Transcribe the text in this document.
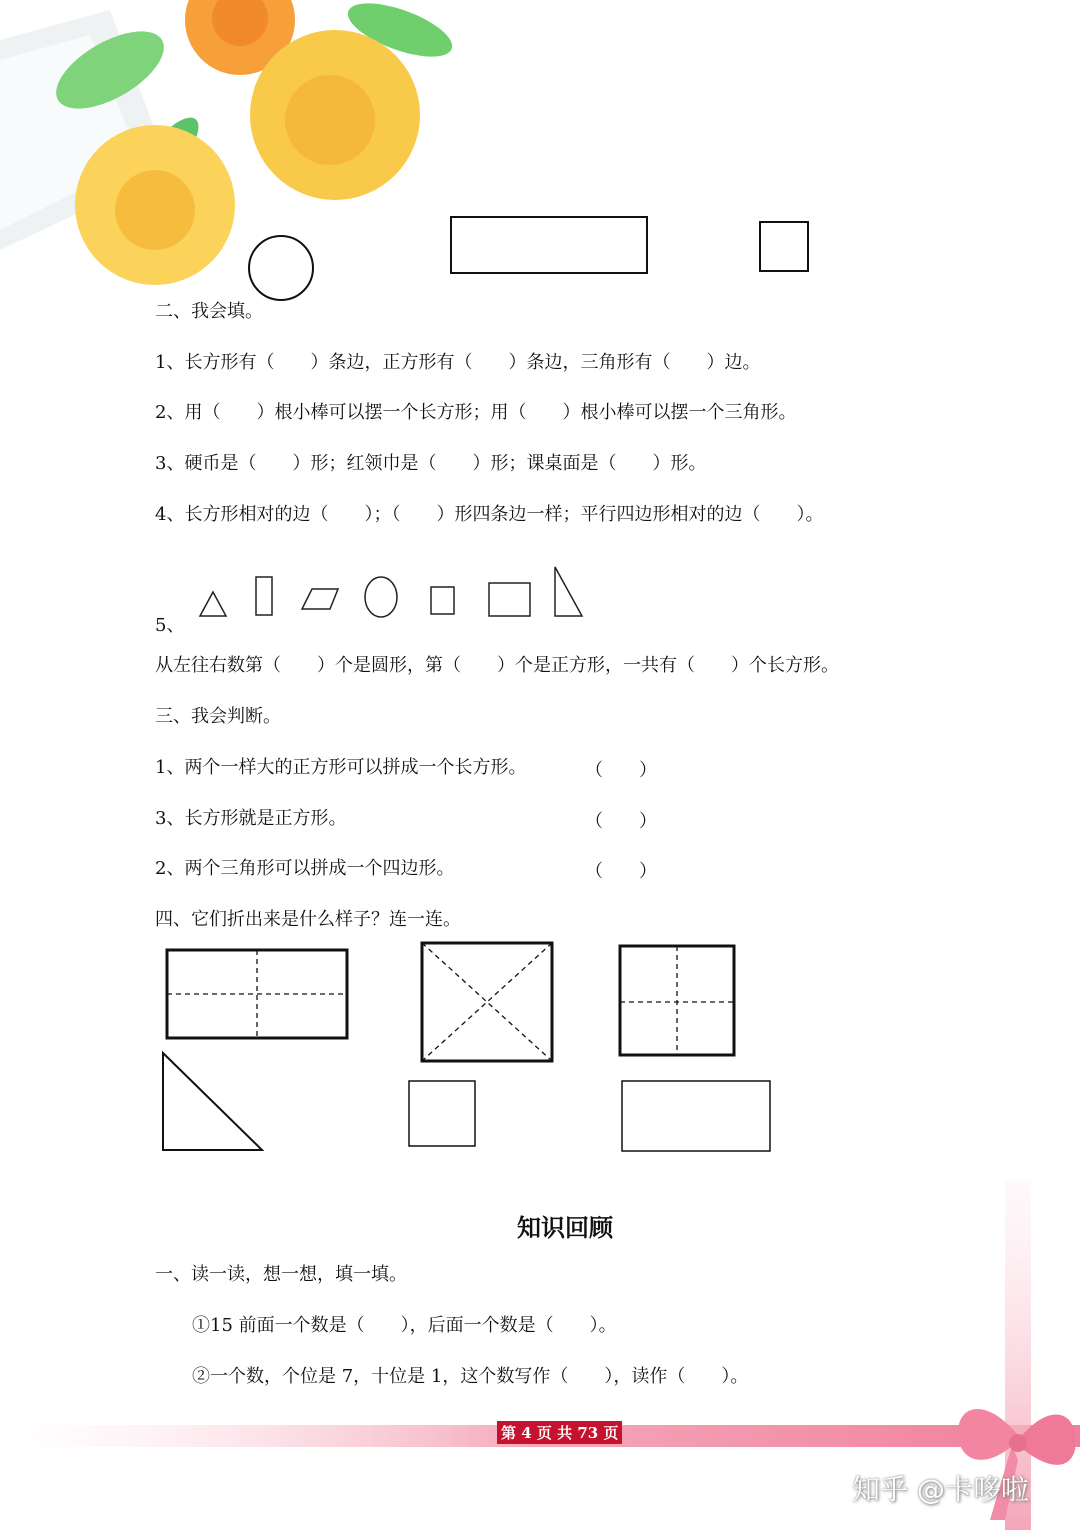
二、我会填。
1、长方形有（　　）条边，正方形有（　　）条边，三角形有（　　）边。
2、用（　　）根小棒可以摆一个长方形；用（　　）根小棒可以摆一个三角形。
3、硬币是（　　）形；红领巾是（　　）形；课桌面是（　　）形。
4、长方形相对的边（　　）；（　　）形四条边一样；平行四边形相对的边（　　）。
5、
从左往右数第（　　）个是圆形，第（　　）个是正方形，一共有（　　）个长方形。
三、我会判断。
1、两个一样大的正方形可以拼成一个长方形。	（　　）
3、长方形就是正方形。	（　　）
2、两个三角形可以拼成一个四边形。	（　　）
四、它们折出来是什么样子？连一连。
知识回顾
一、读一读，想一想，填一填。
①15 前面一个数是（　　），后面一个数是（　　）。
②一个数，个位是 7，十位是 1，这个数写作（　　），读作（　　）。
第 4 页 共 73 页
知乎 @卡哆啦
